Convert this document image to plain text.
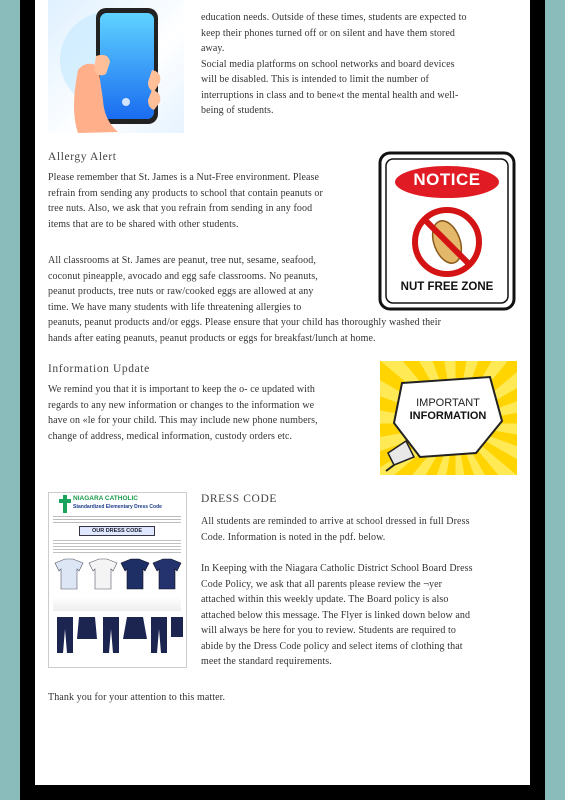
education needs. Outside of these times, students are expected to
keep their phones turned off or on silent and have them stored
away.
Social media platforms on school networks and board devices
will be disabled. This is intended to limit the number of
interruptions in class and to bene«t the mental health and well-
being of students.
Allergy Alert
Please remember that St. James is a Nut-Free environment. Please
refrain from sending any products to school that contain peanuts or
tree nuts. Also, we ask that you refrain from sending in any food
items that are to be shared with other students.
All classrooms at St. James are peanut, tree nut, sesame, seafood,
coconut pineapple, avocado and egg safe classrooms. No peanuts,
peanut products, tree nuts or raw/cooked eggs are allowed at any
time. We have many students with life threatening allergies to
peanuts, peanut products and/or eggs. Please ensure that your child has thoroughly washed their
hands after eating peanuts, peanut products or eggs for breakfast/lunch at home.
NOTICE
NUT FREE ZONE
Information Update
We remind you that it is important to keep the o- ce updated with
regards to any new information or changes to the information we
have on «le for your child. This may include new phone numbers,
change of address, medical information, custody orders etc.
IMPORTANT
INFORMATION
NIAGARA CATHOLIC
Standardized Elementary Dress Code
OUR DRESS CODE
DRESS CODE
All students are reminded to arrive at school dressed in full Dress
Code. Information is noted in the pdf. below.
In Keeping with the Niagara Catholic District School Board Dress
Code Policy, we ask that all parents please review the ¬yer
attached within this weekly update. The Board policy is also
attached below this message. The Flyer is linked down below and
will always be here for you to review. Students are required to
abide by the Dress Code policy and select items of clothing that
meet the standard requirements.
Thank you for your attention to this matter.
